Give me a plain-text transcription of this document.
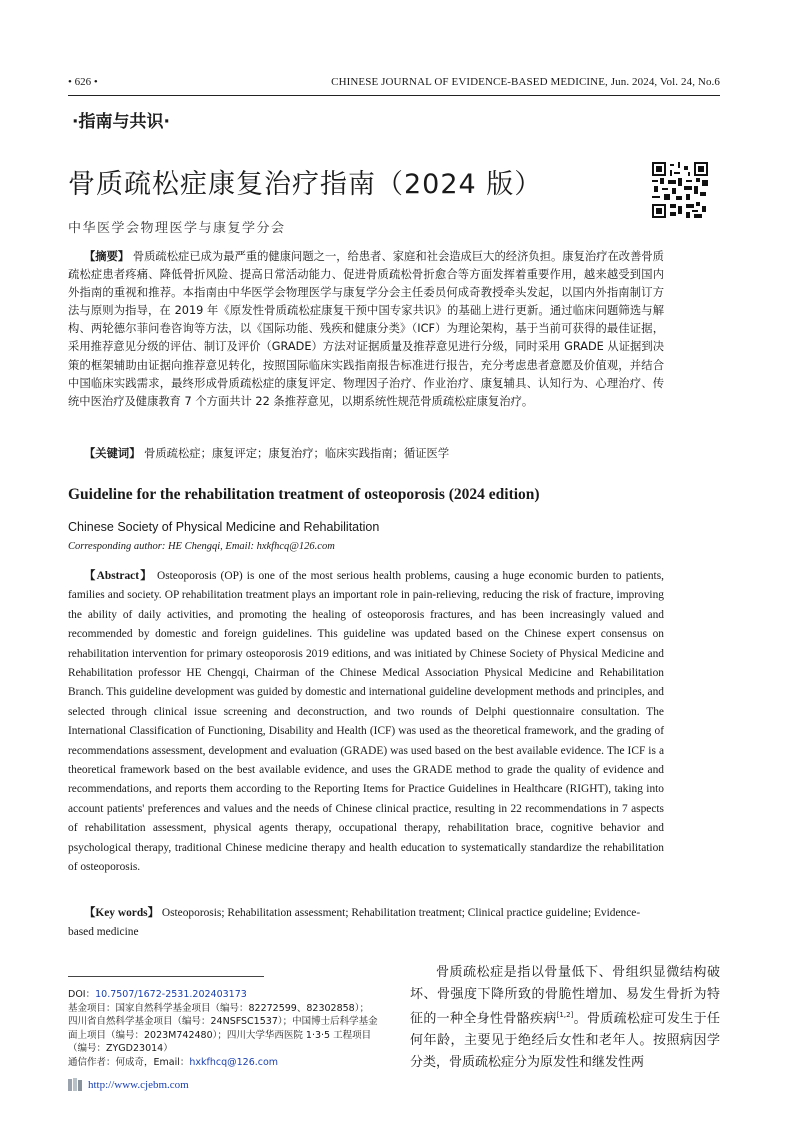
• 626 •	CHINESE JOURNAL OF EVIDENCE-BASED MEDICINE, Jun. 2024, Vol. 24, No.6
·指南与共识·
骨质疏松症康复治疗指南（2024 版）
中华医学会物理医学与康复学分会
【摘要】 骨质疏松症已成为最严重的健康问题之一，给患者、家庭和社会造成巨大的经济负担。康复治疗在改善骨质疏松症患者疼痛、降低骨折风险、提高日常活动能力、促进骨质疏松骨折愈合等方面发挥着重要作用，越来越受到国内外指南的重视和推荐。本指南由中华医学会物理医学与康复学分会主任委员何成奇教授牵头发起，以国内外指南制订方法与原则为指导，在 2019 年《原发性骨质疏松症康复干预中国专家共识》的基础上进行更新。通过临床问题筛选与解构、两轮德尔菲问卷咨询等方法，以《国际功能、残疾和健康分类》（ICF）为理论架构，基于当前可获得的最佳证据，采用推荐意见分级的评估、制订及评价（GRADE）方法对证据质量及推荐意见进行分级，同时采用 GRADE 从证据到决策的框架辅助由证据向推荐意见转化，按照国际临床实践指南报告标准进行报告，充分考虑患者意愿及价值观，并结合中国临床实践需求，最终形成骨质疏松症的康复评定、物理因子治疗、作业治疗、康复辅具、认知行为、心理治疗、传统中医治疗及健康教育 7 个方面共计 22 条推荐意见，以期系统性规范骨质疏松症康复治疗。
【关键词】 骨质疏松症；康复评定；康复治疗；临床实践指南；循证医学
Guideline for the rehabilitation treatment of osteoporosis (2024 edition)
Chinese Society of Physical Medicine and Rehabilitation
Corresponding author: HE Chengqi, Email: hxkfhcq@126.com
【Abstract】 Osteoporosis (OP) is one of the most serious health problems, causing a huge economic burden to patients, families and society. OP rehabilitation treatment plays an important role in pain-relieving, reducing the risk of fracture, improving the ability of daily activities, and promoting the healing of osteoporosis fractures, and has been increasingly valued and recommended by domestic and foreign guidelines. This guideline was updated based on the Chinese expert consensus on rehabilitation intervention for primary osteoporosis 2019 editions, and was initiated by Chinese Society of Physical Medicine and Rehabilitation professor HE Chengqi, Chairman of the Chinese Medical Association Physical Medicine and Rehabilitation Branch. This guideline development was guided by domestic and international guideline development methods and principles, and selected through clinical issue screening and deconstruction, and two rounds of Delphi questionnaire consultation. The International Classification of Functioning, Disability and Health (ICF) was used as the theoretical framework, and the grading of recommendations assessment, development and evaluation (GRADE) was used based on the best available evidence. The ICF is a theoretical framework based on the best available evidence, and uses the GRADE method to grade the quality of evidence and recommendations, and reports them according to the Reporting Items for Practice Guidelines in Healthcare (RIGHT), taking into account patients' preferences and values and the needs of Chinese clinical practice, resulting in 22 recommendations in 7 aspects of rehabilitation assessment, physical agents therapy, occupational therapy, rehabilitation brace, cognitive behavior and psychological therapy, traditional Chinese medicine therapy and health education to systematically standardize the rehabilitation of osteoporosis.
【Key words】 Osteoporosis; Rehabilitation assessment; Rehabilitation treatment; Clinical practice guideline; Evidence-based medicine
DOI：10.7507/1672-2531.202403173
基金项目：国家自然科学基金项目（编号：82272599、82302858）；四川省自然科学基金项目（编号：24NSFSC1537）；中国博士后科学基金面上项目（编号：2023M742480）；四川大学华西医院 1·3·5 工程项目（编号：ZYGD23014）
通信作者：何成奇，Email：hxkfhcq@126.com
骨质疏松症是指以骨量低下、骨组织显微结构破坏、骨强度下降所致的骨脆性增加、易发生骨折为特征的一种全身性骨骼疾病[1,2]。骨质疏松症可发生于任何年龄，主要见于绝经后女性和老年人。按照病因学分类，骨质疏松症分为原发性和继发性两
http://www.cjebm.com
